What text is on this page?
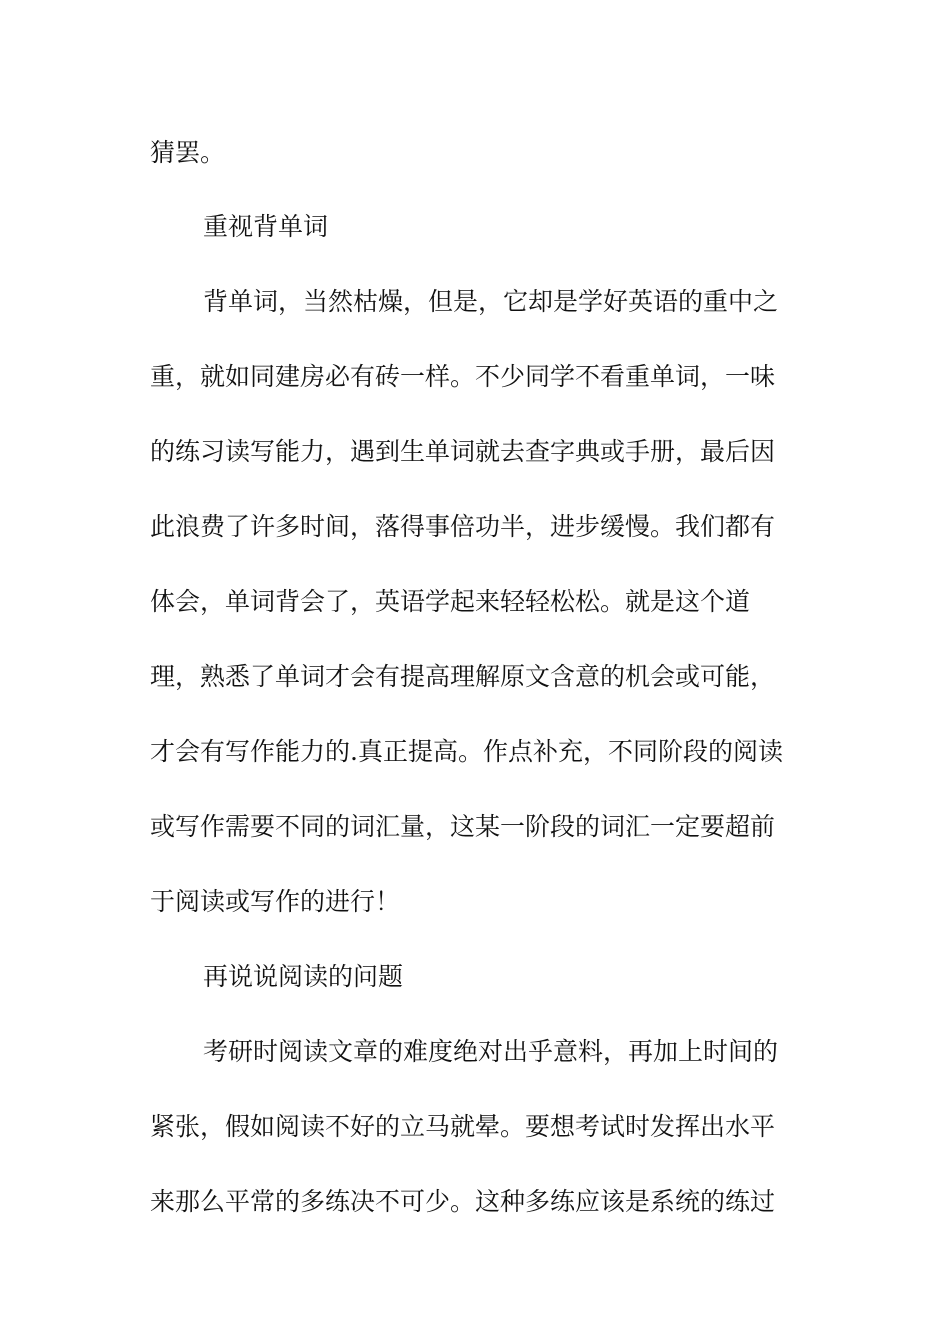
猜罢。
重视背单词
背单词，当然枯燥，但是，它却是学好英语的重中之
重，就如同建房必有砖一样。不少同学不看重单词，一味
的练习读写能力，遇到生单词就去查字典或手册，最后因
此浪费了许多时间，落得事倍功半，进步缓慢。我们都有
体会，单词背会了，英语学起来轻轻松松。就是这个道
理，熟悉了单词才会有提高理解原文含意的机会或可能，
才会有写作能力的.真正提高。作点补充，不同阶段的阅读
或写作需要不同的词汇量，这某一阶段的词汇一定要超前
于阅读或写作的进行！
再说说阅读的问题
考研时阅读文章的难度绝对出乎意料，再加上时间的
紧张，假如阅读不好的立马就晕。要想考试时发挥出水平
来那么平常的多练决不可少。这种多练应该是系统的练过
